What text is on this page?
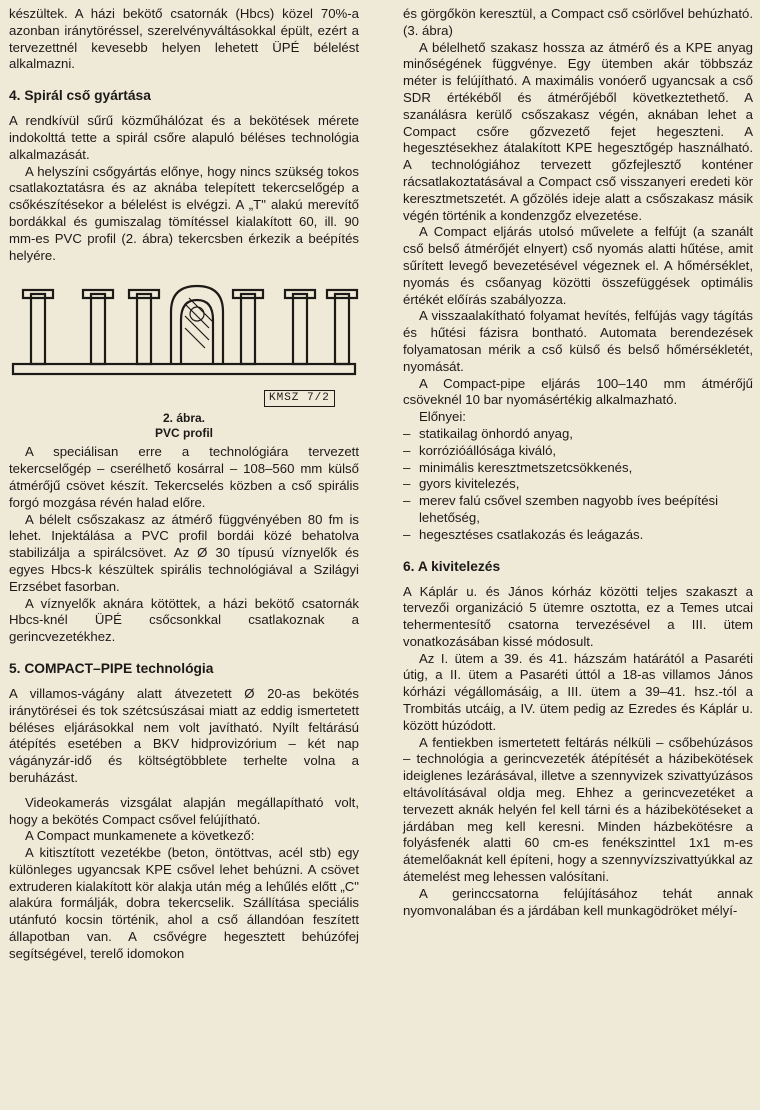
készültek. A házi bekötő csatornák (Hbcs) közel 70%-a azonban iránytöréssel, szerelvényváltásokkal épült, ezért a tervezettnél kevesebb helyen lehetett ÜPÉ bélelést alkalmazni.

4. Spirál cső gyártása

A rendkívül sűrű közműhálózat és a bekötések mérete indokolttá tette a spirál csőre alapuló béléses technológia alkalmazását.

A helyszíni csőgyártás előnye, hogy nincs szükség tokos csatlakoztatásra és az aknába telepített tekercselőgép a csőkészítésekor a bélelést is elvégzi. A „T" alakú merevítő bordákkal és gumiszalag tömítéssel kialakított 60, ill. 90 mm-es PVC profil (2. ábra) tekercsben érkezik a beépítés helyére.

KMSZ 7/2
2. ábra.
PVC profil

A speciálisan erre a technológiára tervezett tekercselőgép – cserélhető kosárral – 108–560 mm külső átmérőjű csövet készít. Tekercselés közben a cső spirális forgó mozgása révén halad előre.

A bélelt csőszakasz az átmérő függvényében 80 fm is lehet. Injektálása a PVC profil bordái közé behatolva stabilizálja a spirálcsövet. Az Ø 30 típusú víznyelők és egyes Hbcs-k készültek spirális technológiával a Szilágyi Erzsébet fasorban.

A víznyelők aknára kötöttek, a házi bekötő csatornák Hbcs-knél ÜPÉ csőcsonkkal csatlakoznak a gerincvezetékhez.

5. COMPACT–PIPE technológia

A villamos-vágány alatt átvezetett Ø 20-as bekötés iránytörései és tok szétcsúszásai miatt az eddig ismertetett béléses eljárásokkal nem volt javítható. Nyílt feltárású átépítés esetében a BKV hidprovizórium – két nap vágányzár-idő és költségtöbblete terhelte volna a beruházást.

Videokamerás vizsgálat alapján megállapítható volt, hogy a bekötés Compact csővel felújítható.

A Compact munkamenete a következő:

A kitisztított vezetékbe (beton, öntöttvas, acél stb) egy különleges ugyancsak KPE csővel lehet behúzni. A csövet extruderen kialakított kör alakja után még a lehűlés előtt „C" alakúra formálják, dobra tekercselik. Szállítása speciális utánfutó kocsin történik, ahol a cső állandóan feszített állapotban van. A csővégre hegesztett behúzófej segítségével, terelő idomokon

és görgőkön keresztül, a Compact cső csörlővel behúzható. (3. ábra)

A bélelhető szakasz hossza az átmérő és a KPE anyag minőségének függvénye. Egy ütemben akár többszáz méter is felújítható. A maximális vonóerő ugyancsak a cső SDR értékéből és átmérőjéből következtethető. A szanálásra kerülő csőszakasz végén, aknában lehet a Compact csőre gőzvezető fejet hegeszteni. A hegesztésekhez átalakított KPE hegesztőgép használható. A technológiához tervezett gőzfejlesztő konténer rácsatlakoztatásával a Compact cső visszanyeri eredeti kör keresztmetszetét. A gőzölés ideje alatt a csőszakasz másik végén történik a kondenzgőz elvezetése.

A Compact eljárás utolsó művelete a felfújt (a szanált cső belső átmérőjét elnyert) cső nyomás alatti hűtése, amit sűrített levegő bevezetésével végeznek el. A hőmérséklet, nyomás és csőanyag közötti összefüggések optimális értékét előírás szabályozza.

A visszaalakítható folyamat hevítés, felfújás vagy tágítás és hűtési fázisra bontható. Automata berendezések folyamatosan mérik a cső külső és belső hőmérsékletét, nyomását.

A Compact-pipe eljárás 100–140 mm átmérőjű csöveknél 10 bar nyomásértékig alkalmazható.

Előnyei:

– statikailag önhordó anyag,
– korrózióállósága kiváló,
– minimális keresztmetszetcsökkenés,
– gyors kivitelezés,
– merev falú csővel szemben nagyobb íves beépítési lehetőség,
– hegesztéses csatlakozás és leágazás.
6. A kivitelezés

A Káplár u. és János kórház közötti teljes szakaszt a tervezői organizáció 5 ütemre osztotta, ez a Temes utcai tehermentesítő csatorna tervezésével a III. ütem vonatkozásában kissé módosult.

Az I. ütem a 39. és 41. házszám határától a Pasaréti útig, a II. ütem a Pasaréti úttól a 18-as villamos János kórházi végállomásáig, a III. ütem a 39–41. hsz.-tól a Trombitás utcáig, a IV. ütem pedig az Ezredes és Káplár u. között húzódott.

A fentiekben ismertetett feltárás nélküli – csőbehúzásos – technológia a gerincvezeték átépítését a házibekötések ideiglenes lezárásával, illetve a szennyvizek szivattyúzásos eltávolításával oldja meg. Ehhez a gerincvezetéket a tervezett aknák helyén fel kell tárni és a házibekötéseket a járdában meg kell keresni. Minden házbekötésre a folyásfenék alatti 60 cm-es fenékszinttel 1x1 m-es átemelőaknát kell építeni, hogy a szennyvízszivattyúkkal az átemelést meg lehessen valósítani.

A gerinccsatorna felújításához tehát annak nyomvonalában és a járdában kell munkagödröket mélyí-
